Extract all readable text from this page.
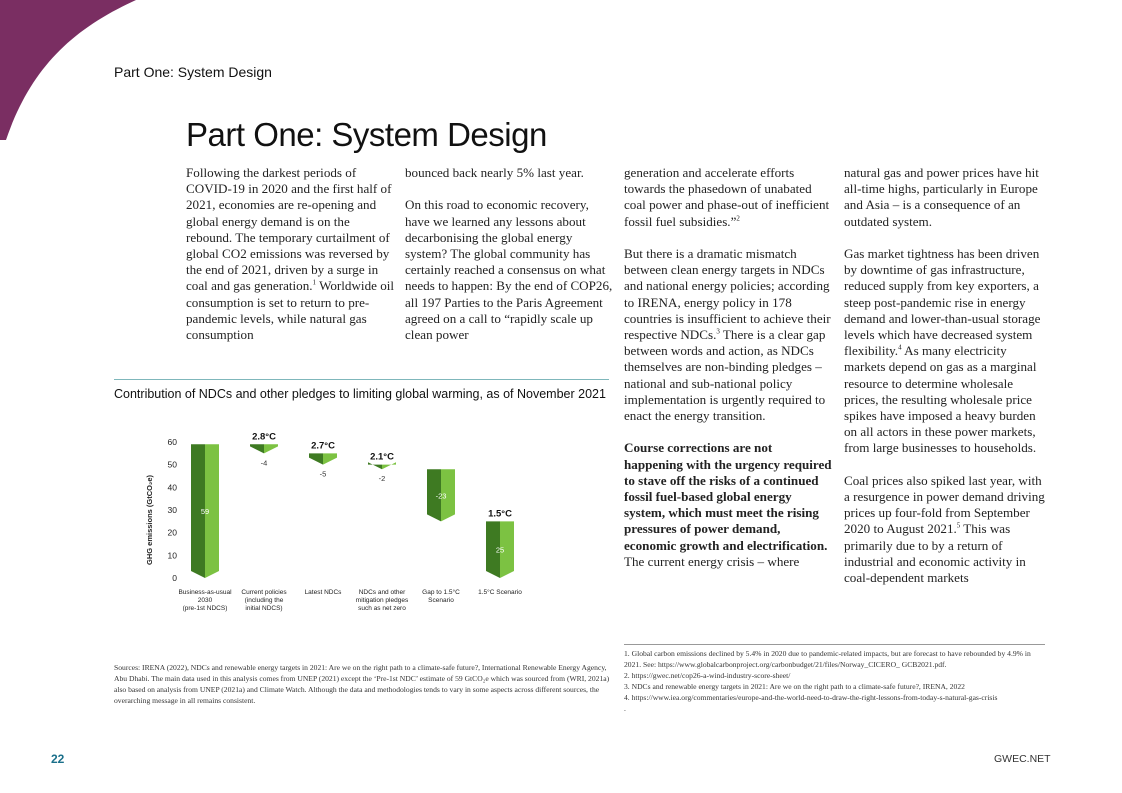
Part One: System Design
Part One: System Design

Following the darkest periods of COVID-19 in 2020 and the first half of 2021, economies are re-opening and global energy demand is on the rebound. The temporary curtailment of global CO2 emissions was reversed by the end of 2021, driven by a surge in coal and gas generation.$^1$ Worldwide oil consumption is set to return to pre-pandemic levels, while natural gas consumption

bounced back nearly 5% last year.

On this road to economic recovery, have we learned any lessons about decarbonising the global energy system? The global community has certainly reached a consensus on what needs to happen: By the end of COP26, all 197 Parties to the Paris Agreement agreed on a call to “rapidly scale up clean power

generation and accelerate efforts towards the phasedown of unabated coal power and phase-out of inefficient fossil fuel subsidies.”$^2$

But there is a dramatic mismatch between clean energy targets in NDCs and national energy policies; according to IRENA, energy policy in 178 countries is insufficient to achieve their respective NDCs.$^3$ There is a clear gap between words and action, as NDCs themselves are non-binding pledges – national and sub-national policy implementation is urgently required to enact the energy transition.

Course corrections are not happening with the urgency required to stave off the risks of a continued fossil fuel-based global energy system, which must meet the rising pressures of power demand, economic growth and electrification. The current energy crisis – where

natural gas and power prices have hit all-time highs, particularly in Europe and Asia – is a consequence of an outdated system.

Gas market tightness has been driven by downtime of gas infrastructure, reduced supply from key exporters, a steep post-pandemic rise in energy demand and lower-than-usual storage levels which have decreased system flexibility.$^4$ As many electricity markets depend on gas as a marginal resource to determine wholesale prices, the resulting wholesale price spikes have imposed a heavy burden on all actors in these power markets, from large businesses to households.

Coal prices also spiked last year, with a resurgence in power demand driving prices up four-fold from September 2020 to August 2021.$^5$ This was primarily due to by a return of industrial and economic activity in coal-dependent markets

Contribution of NDCs and other pledges to limiting global warming, as of November 2021
GHG emissions (GtCO₂e)
0
10
20
30
40
50
60
59
Business-as-usual
2030
(pre-1st NDCS)
-4
2.8°C
Current policies
(including the
initial NDCS)
-5
2.7°C
Latest NDCs
-2
2.1°C
NDCs and other
mitigation pledges
such as net zero
-23
Gap to 1.5°C
Scenario
25
1.5°C
1.5°C Scenario
Sources: IRENA (2022), NDCs and renewable energy targets in 2021: Are we on the right path to a climate-safe future?, International Renewable Energy Agency, Abu Dhabi. The main data used in this analysis comes from UNEP (2021) except the ‘Pre-1st NDC’ estimate of 59 GtCO₂e which was sourced from (WRI, 2021a) also based on analysis from UNEP (2021a) and Climate Watch. Although the data and methodologies tends to vary in some aspects across different sources, the overarching message in all remains consistent.
1. Global carbon emissions declined by 5.4% in 2020 due to pandemic-related impacts, but are forecast to have rebounded by 4.9% in 2021. See: https://www.globalcarbonproject.org/carbonbudget/21/files/Norway_CICERO_ GCB2021.pdf.
2. https://gwec.net/cop26-a-wind-industry-score-sheet/
3. NDCs and renewable energy targets in 2021: Are we on the right path to a climate-safe future?, IRENA, 2022
4. https://www.iea.org/commentaries/europe-and-the-world-need-to-draw-the-right-lessons-from-today-s-natural-gas-crisis
.
22	GWEC.NET
